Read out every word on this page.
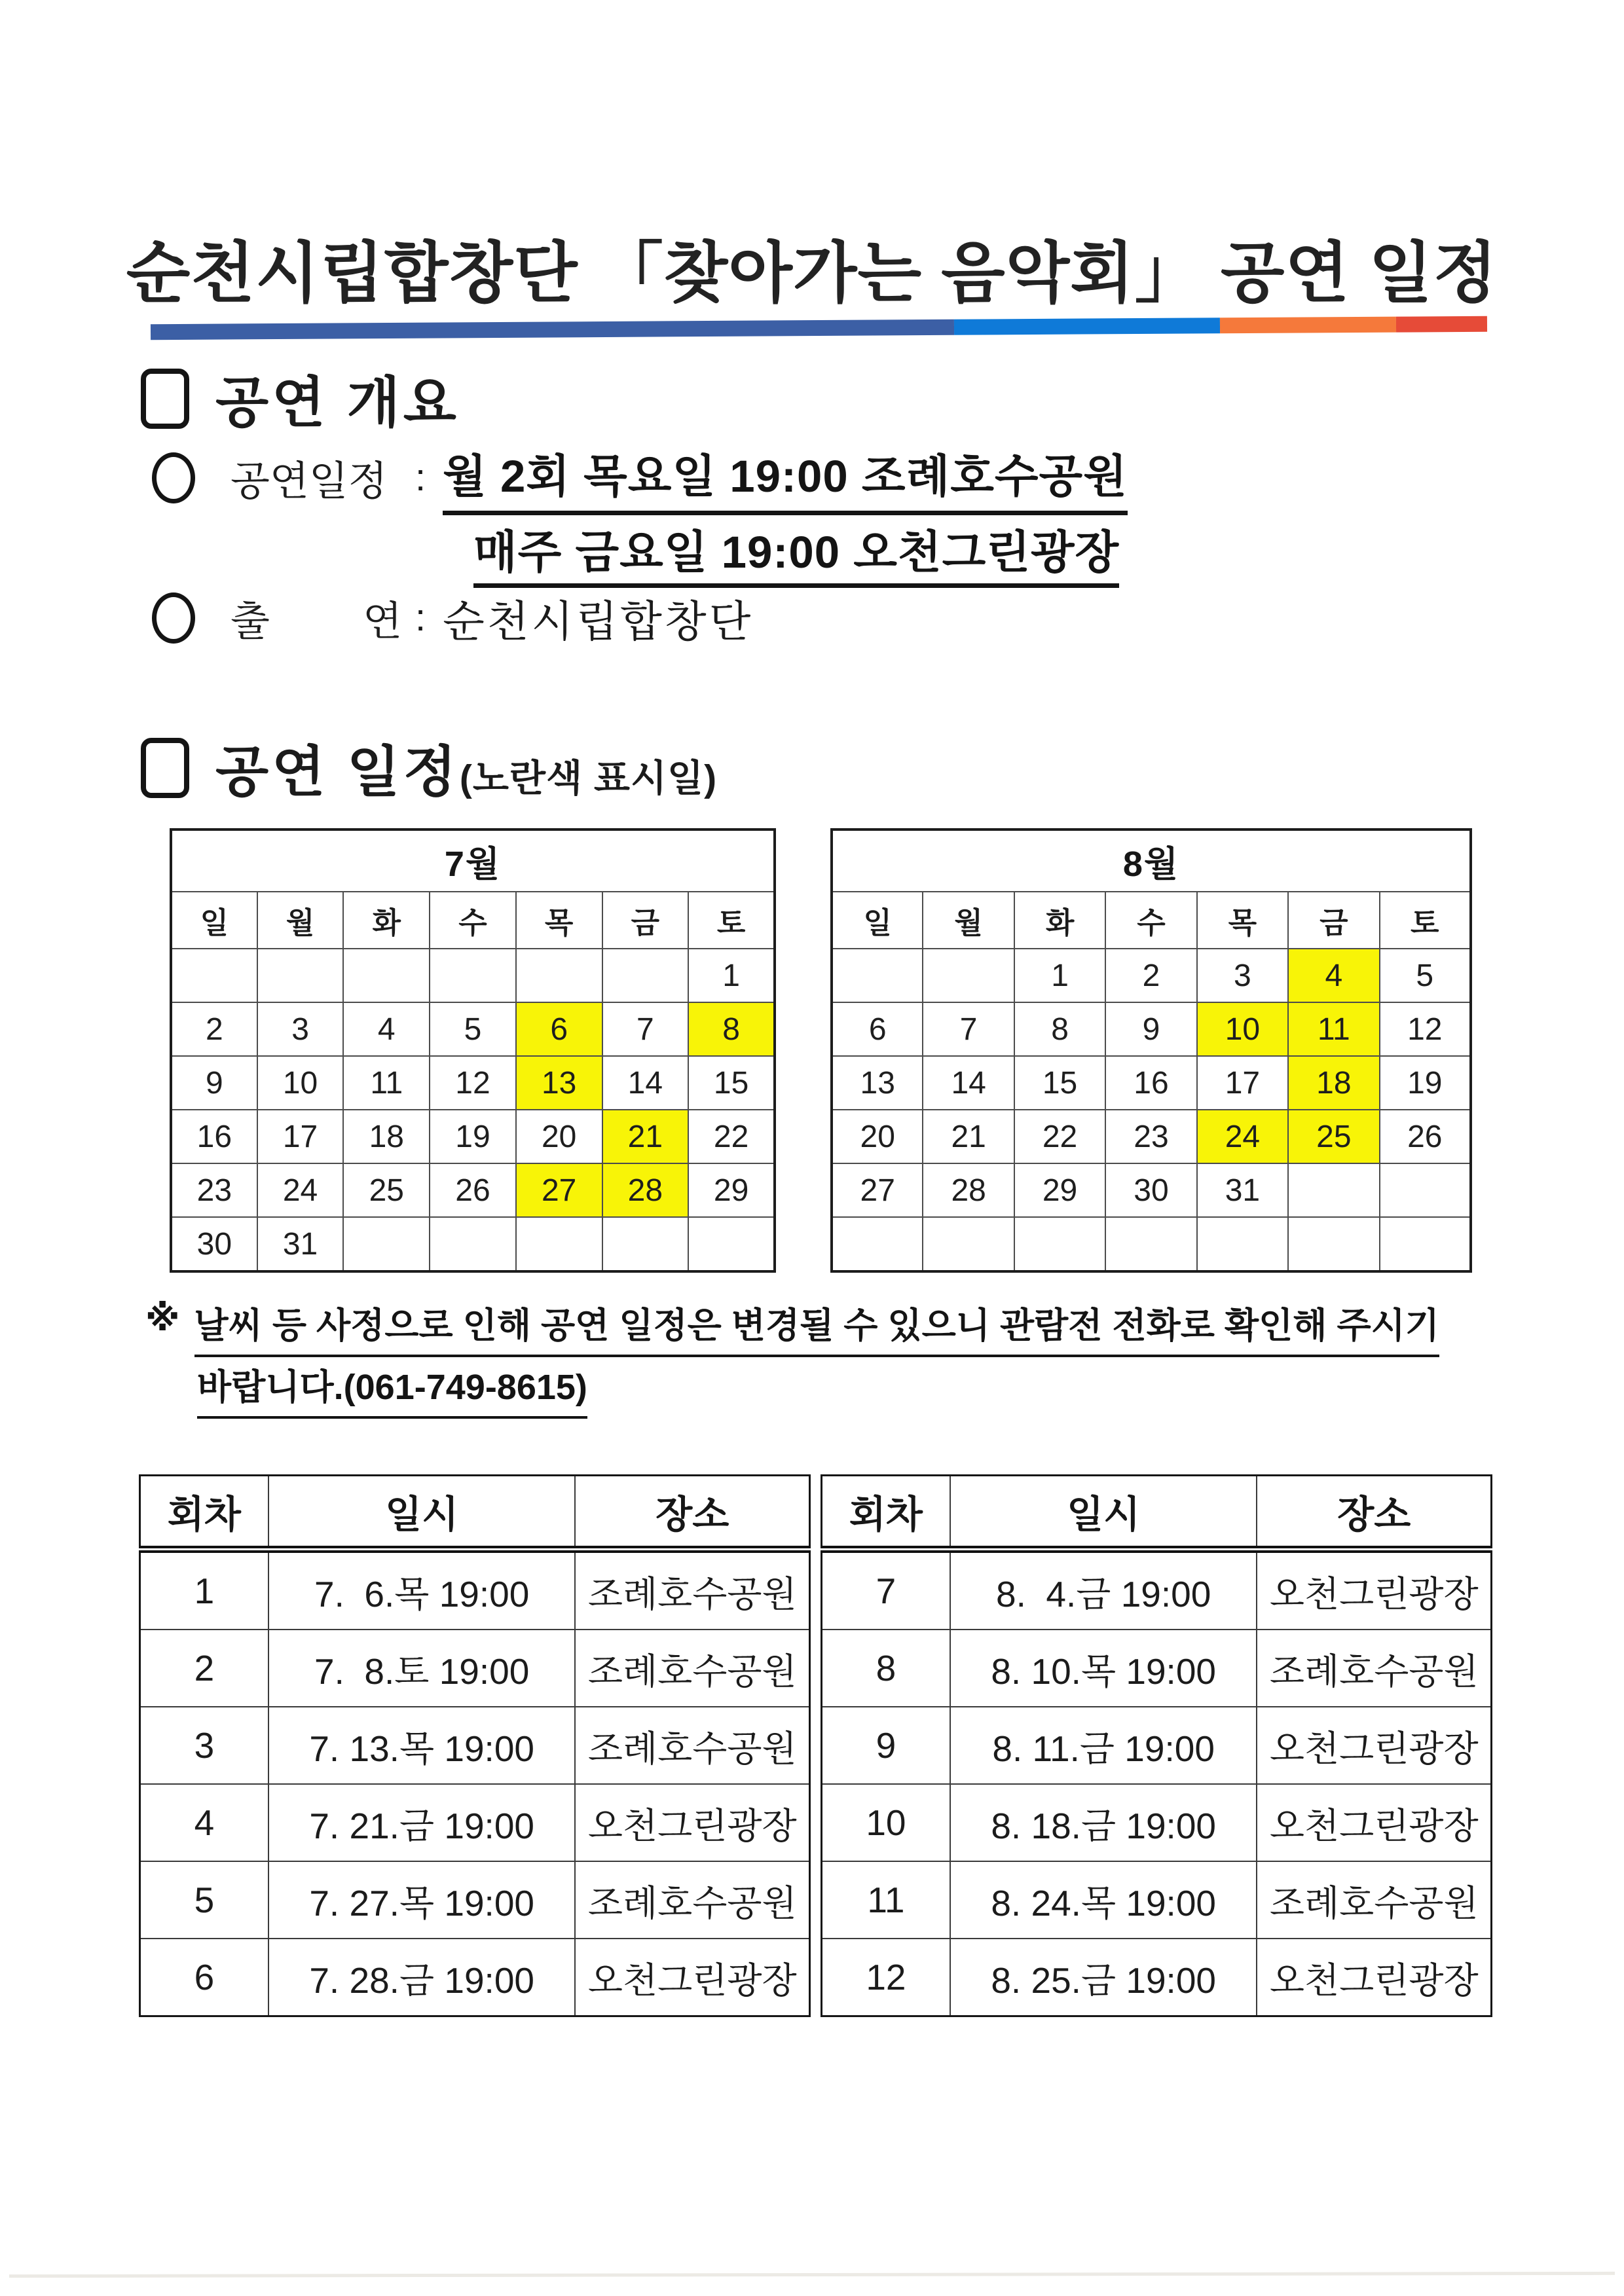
순천시립합창단 「찾아가는 음악회」 공연 일정
공연 개요
공연일정 : 월 2회 목요일 19:00 조례호수공원
매주 금요일 19:00 오천그린광장
출 연 : 순천시립합창단
공연 일정(노란색 표시일)
7월						
일	월	화	수	목	금	토
						1
2	3	4	5	6	7	8
9	10	11	12	13	14	15
16	17	18	19	20	21	22
23	24	25	26	27	28	29
30	31					
8월						
일	월	화	수	목	금	토
		1	2	3	4	5
6	7	8	9	10	11	12
13	14	15	16	17	18	19
20	21	22	23	24	25	26
27	28	29	30	31		

※ 날씨 등 사정으로 인해 공연 일정은 변경될 수 있으니 관람전 전화로 확인해 주시기
바랍니다.(061-749-8615)
회차	일시	장소
1	7.  6.목 19:00	조례호수공원
2	7.  8.토 19:00	조례호수공원
3	7. 13.목 19:00	조례호수공원
4	7. 21.금 19:00	오천그린광장
5	7. 27.목 19:00	조례호수공원
6	7. 28.금 19:00	오천그린광장
회차	일시	장소
7	8.  4.금 19:00	오천그린광장
8	8. 10.목 19:00	조례호수공원
9	8. 11.금 19:00	오천그린광장
10	8. 18.금 19:00	오천그린광장
11	8. 24.목 19:00	조례호수공원
12	8. 25.금 19:00	오천그린광장
